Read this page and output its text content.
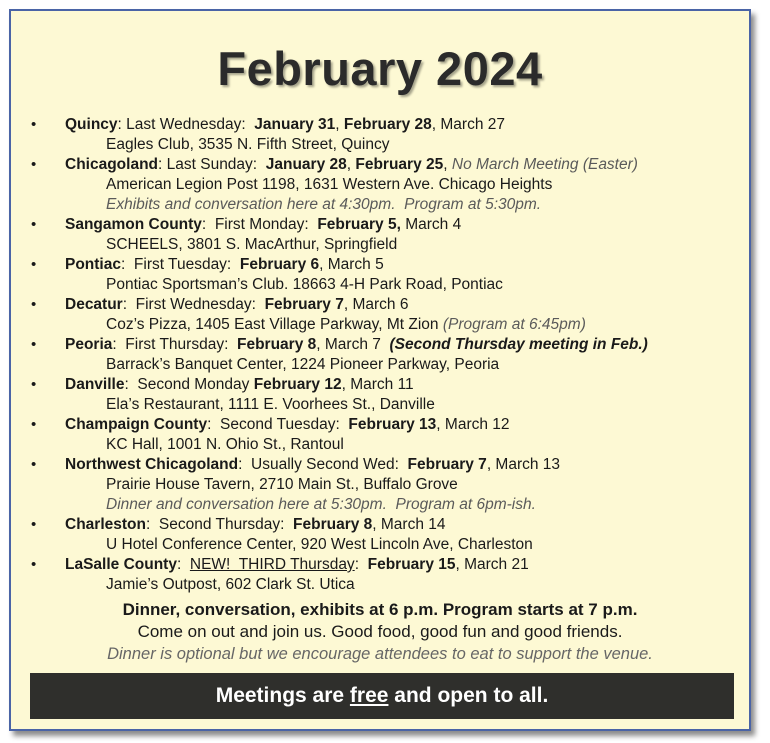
February 2024
• Quincy: Last Wednesday:  January 31, February 28, March 27
Eagles Club, 3535 N. Fifth Street, Quincy
• Chicagoland: Last Sunday:  January 28, February 25, No March Meeting (Easter)
American Legion Post 1198, 1631 Western Ave. Chicago Heights
Exhibits and conversation here at 4:30pm.  Program at 5:30pm.
• Sangamon County:  First Monday:  February 5, March 4
SCHEELS, 3801 S. MacArthur, Springfield
• Pontiac:  First Tuesday:  February 6, March 5
Pontiac Sportsman’s Club. 18663 4-H Park Road, Pontiac
• Decatur:  First Wednesday:  February 7, March 6
Coz’s Pizza, 1405 East Village Parkway, Mt Zion (Program at 6:45pm)
• Peoria:  First Thursday:  February 8, March 7  (Second Thursday meeting in Feb.)
Barrack’s Banquet Center, 1224 Pioneer Parkway, Peoria
• Danville:  Second Monday February 12, March 11
Ela’s Restaurant, 1111 E. Voorhees St., Danville
• Champaign County:  Second Tuesday:  February 13, March 12
KC Hall, 1001 N. Ohio St., Rantoul
• Northwest Chicagoland:  Usually Second Wed:  February 7, March 13
Prairie House Tavern, 2710 Main St., Buffalo Grove
Dinner and conversation here at 5:30pm.  Program at 6pm-ish.
• Charleston:  Second Thursday:  February 8, March 14
U Hotel Conference Center, 920 West Lincoln Ave, Charleston
• LaSalle County:  NEW!  THIRD Thursday:  February 15, March 21
Jamie’s Outpost, 602 Clark St. Utica
Dinner, conversation, exhibits at 6 p.m. Program starts at 7 p.m.
Come on out and join us. Good food, good fun and good friends.
Dinner is optional but we encourage attendees to eat to support the venue.
Meetings are free and open to all.
